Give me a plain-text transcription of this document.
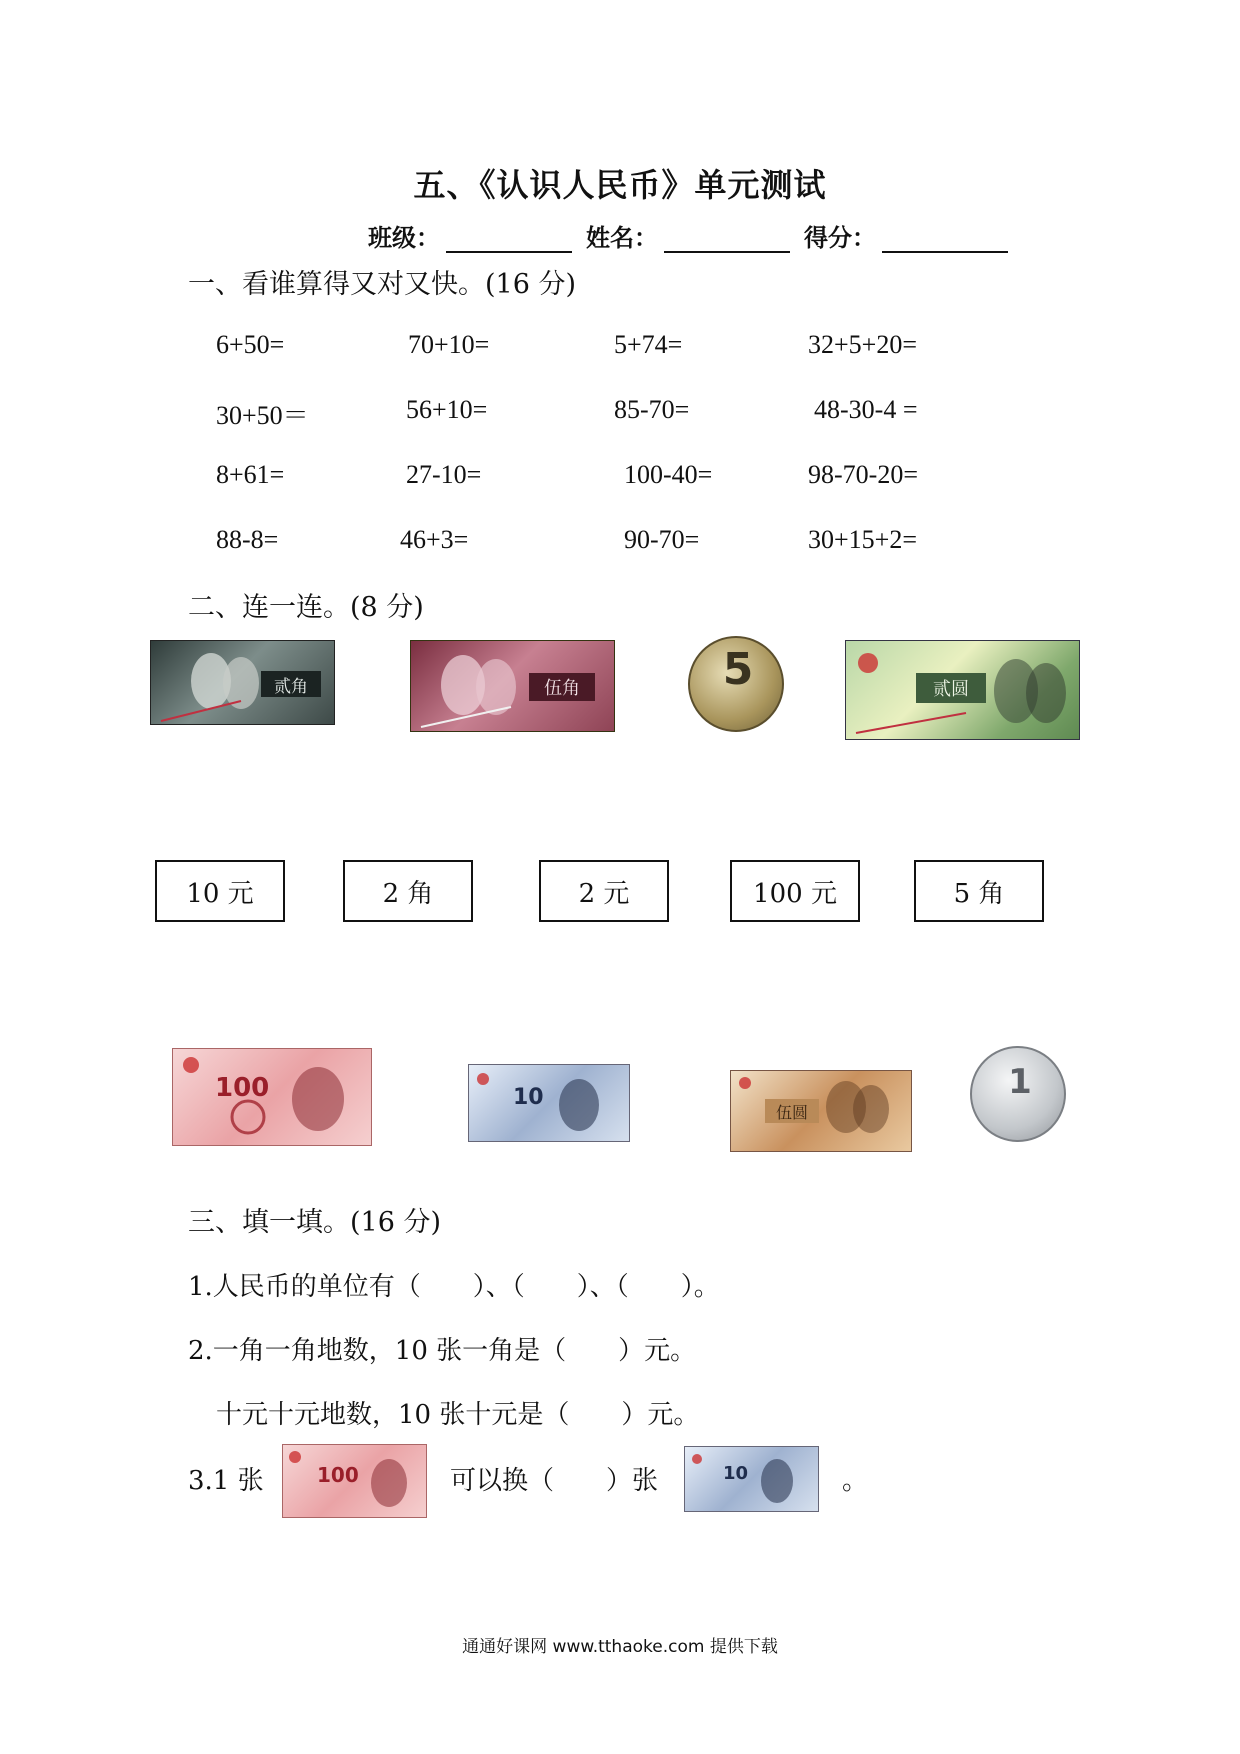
五、《认识人民币》单元测试
班级：	姓名：	得分：
一、看谁算得又对又快。(16 分)
6+50=	70+10=	5+74=	32+5+20=
30+50＝	56+10=	85-70=	48-30-4 =
8+61=	27-10=	100-40=	98-70-20=
88-8=	46+3=	90-70=	30+15+2=
二、连一连。(8 分)
贰角	伍角	5	贰圆
10 元	2 角	2 元	100 元	5 角
100	10
伍圆
1
三、填一填。(16 分)
1.人民币的单位有（　　）、（　　）、（　　）。
2.一角一角地数，10 张一角是（　　）元。
十元十元地数，10 张十元是（　　）元。
3.1 张	100	可以换（　　）张	10	。
通通好课网 www.tthaoke.com 提供下载
